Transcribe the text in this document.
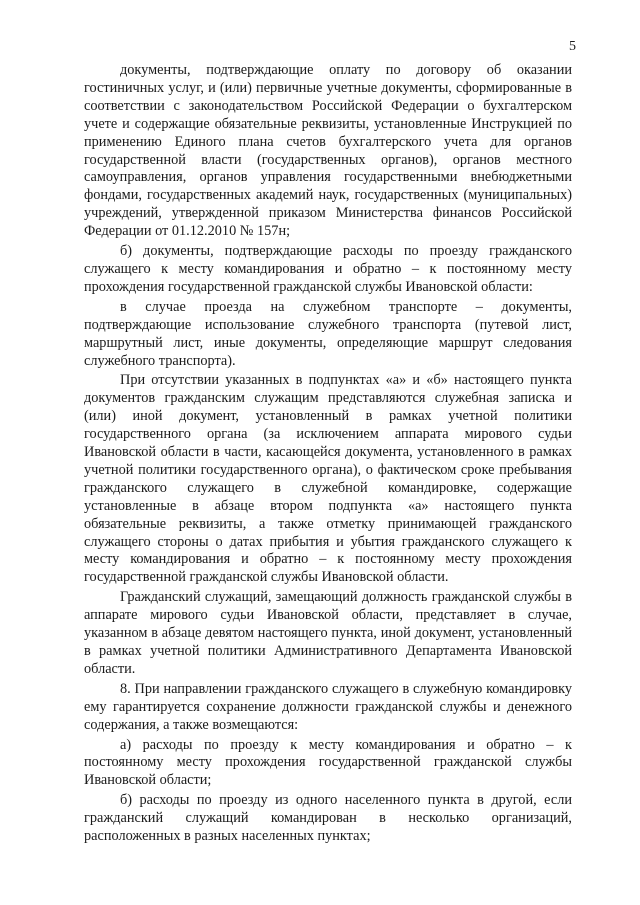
5

документы, подтверждающие оплату по договору об оказании гостиничных услуг, и (или) первичные учетные документы, сформированные в соответствии с законодательством Российской Федерации о бухгалтерском учете и содержащие обязательные реквизиты, установленные Инструкцией по применению Единого плана счетов бухгалтерского учета для органов государственной власти (государственных органов), органов местного самоуправления, органов управления государственными внебюджетными фондами, государственных академий наук, государственных (муниципальных) учреждений, утвержденной приказом Министерства финансов Российской Федерации от 01.12.2010 № 157н;

б) документы, подтверждающие расходы по проезду гражданского служащего к месту командирования и обратно – к постоянному месту прохождения государственной гражданской службы Ивановской области:

в случае проезда на служебном транспорте – документы, подтверждающие использование служебного транспорта (путевой лист, маршрутный лист, иные документы, определяющие маршрут следования служебного транспорта).

При отсутствии указанных в подпунктах «а» и «б» настоящего пункта документов гражданским служащим представляются служебная записка и (или) иной документ, установленный в рамках учетной политики государственного органа (за исключением аппарата мирового судьи Ивановской области в части, касающейся документа, установленного в рамках учетной политики государственного органа), о фактическом сроке пребывания гражданского служащего в служебной командировке, содержащие установленные в абзаце втором подпункта «а» настоящего пункта обязательные реквизиты, а также отметку принимающей гражданского служащего стороны о датах прибытия и убытия гражданского служащего к месту командирования и обратно – к постоянному месту прохождения государственной гражданской службы Ивановской области.

Гражданский служащий, замещающий должность гражданской службы в аппарате мирового судьи Ивановской области, представляет в случае, указанном в абзаце девятом настоящего пункта, иной документ, установленный в рамках учетной политики Административного Департамента Ивановской области.

8. При направлении гражданского служащего в служебную командировку ему гарантируется сохранение должности гражданской службы и денежного содержания, а также возмещаются:

а) расходы по проезду к месту командирования и обратно – к постоянному месту прохождения государственной гражданской службы Ивановской области;

б) расходы по проезду из одного населенного пункта в другой, если гражданский служащий командирован в несколько организаций, расположенных в разных населенных пунктах;
